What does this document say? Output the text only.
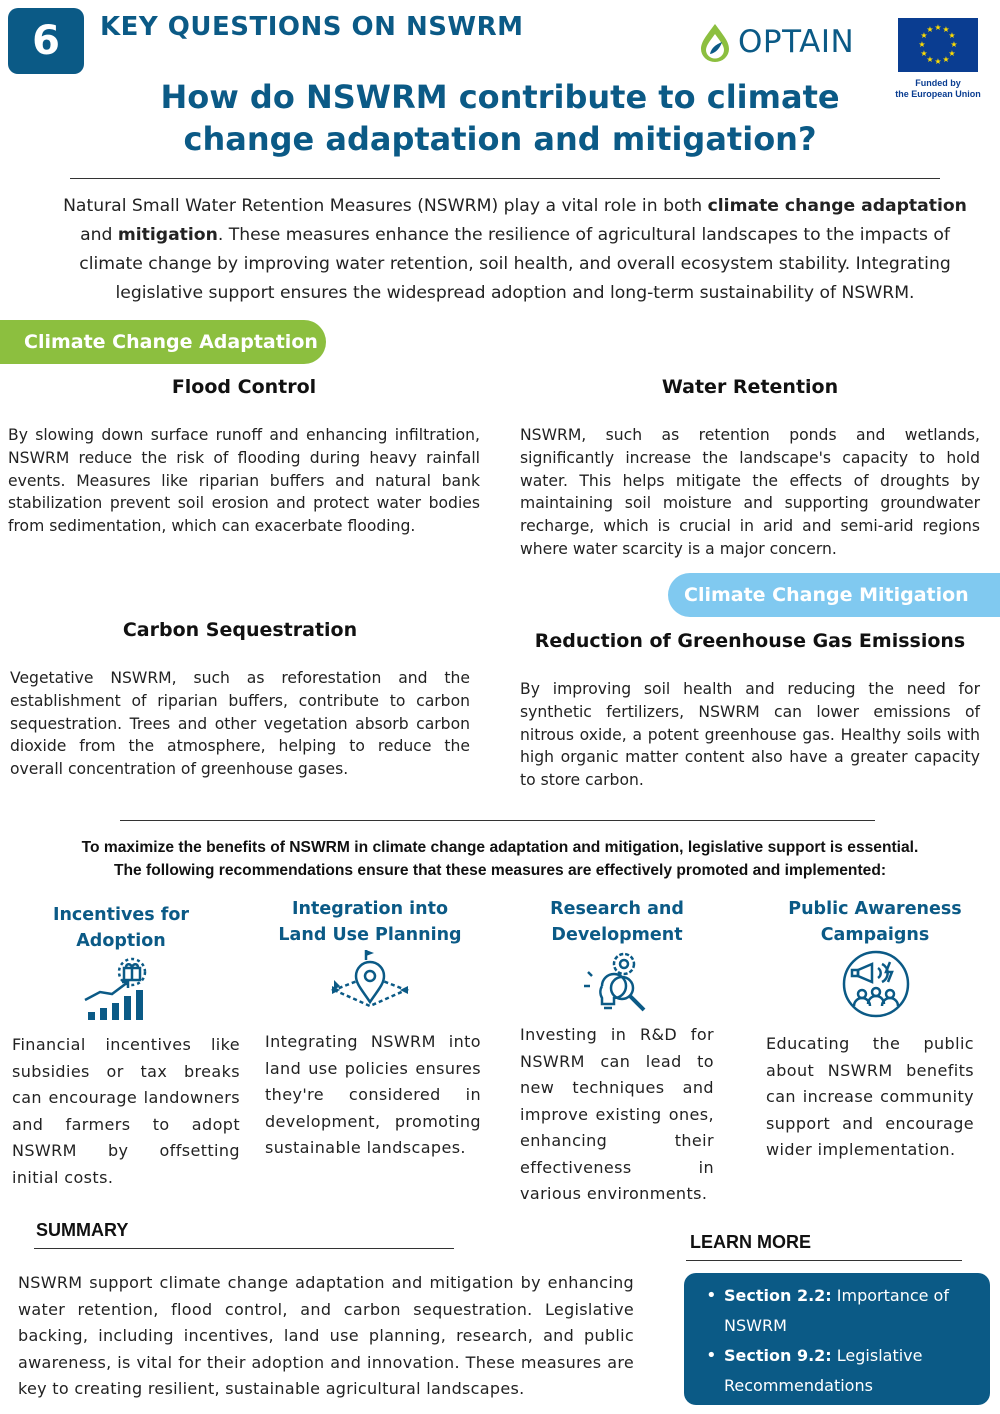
6	KEY QUESTIONS ON NSWRM	OPTAIN	★ ★
★
★
★
★
★
★
★
★
★
★
Funded by
the European Union
How do NSWRM contribute to climate
change adaptation and mitigation?
Natural Small Water Retention Measures (NSWRM) play a vital role in both climate change adaptation and mitigation. These measures enhance the resilience of agricultural landscapes to the impacts of climate change by improving water retention, soil health, and overall ecosystem stability. Integrating legislative support ensures the widespread adoption and long-term sustainability of NSWRM.
Climate Change Adaptation
Flood Control
By slowing down surface runoff and enhancing infiltration, NSWRM reduce the risk of flooding during heavy rainfall events. Measures like riparian buffers and natural bank stabilization prevent soil erosion and protect water bodies from sedimentation, which can exacerbate flooding.
Water Retention
NSWRM, such as retention ponds and wetlands, significantly increase the landscape's capacity to hold water. This helps mitigate the effects of droughts by maintaining soil moisture and supporting groundwater recharge, which is crucial in arid and semi-arid regions where water scarcity is a major concern.
Climate Change Mitigation
Carbon Sequestration
Vegetative NSWRM, such as reforestation and the establishment of riparian buffers, contribute to carbon sequestration. Trees and other vegetation absorb carbon dioxide from the atmosphere, helping to reduce the overall concentration of greenhouse gases.
Reduction of Greenhouse Gas Emissions
By improving soil health and reducing the need for synthetic fertilizers, NSWRM can lower emissions of nitrous oxide, a potent greenhouse gas. Healthy soils with high organic matter content also have a greater capacity to store carbon.
To maximize the benefits of NSWRM in climate change adaptation and mitigation, legislative support is essential.
The following recommendations ensure that these measures are effectively promoted and implemented:
Incentives for
Adoption
Financial incentives like subsidies or tax breaks can encourage landowners and farmers to adopt NSWRM by offsetting initial costs.
Integration into
Land Use Planning
Integrating NSWRM into land use policies ensures they're considered in development, promoting sustainable landscapes.
Research and
Development
Investing in R&D for NSWRM can lead to new techniques and improve existing ones, enhancing their effectiveness in various environments.
Public Awareness
Campaigns
Educating the public about NSWRM benefits can increase community support and encourage wider implementation.
SUMMARY
NSWRM support climate change adaptation and mitigation by enhancing water retention, flood control, and carbon sequestration. Legislative backing, including incentives, land use planning, research, and public awareness, is vital for their adoption and innovation. These measures are key to creating resilient, sustainable agricultural landscapes.
LEARN MORE
• Section 2.2: Importance of NSWRM
• Section 9.2: Legislative Recommendations
